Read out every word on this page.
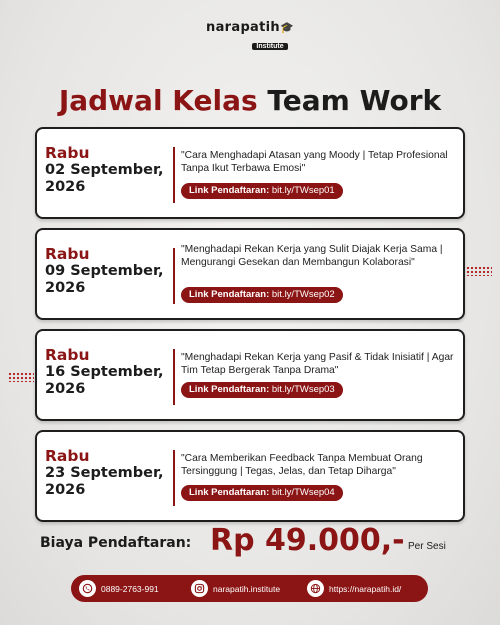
narapatih🎓
Institute
Jadwal Kelas Team Work
Rabu
02 September,
2026
"Cara Menghadapi Atasan yang Moody | Tetap Profesional Tanpa Ikut Terbawa Emosi"
Link Pendaftaran: bit.ly/TWsep01
Rabu
09 September,
2026
"Menghadapi Rekan Kerja yang Sulit Diajak Kerja Sama | Mengurangi Gesekan dan Membangun Kolaborasi"
Link Pendaftaran: bit.ly/TWsep02
Rabu
16 September,
2026
"Menghadapi Rekan Kerja yang Pasif & Tidak Inisiatif | Agar Tim Tetap Bergerak Tanpa Drama"
Link Pendaftaran: bit.ly/TWsep03
Rabu
23 September,
2026
"Cara Memberikan Feedback Tanpa Membuat Orang Tersinggung | Tegas, Jelas, dan Tetap Diharga"
Link Pendaftaran: bit.ly/TWsep04
Biaya Pendaftaran: Rp 49.000,- Per Sesi
0889-2763-991	narapatih.institute	https://narapatih.id/
